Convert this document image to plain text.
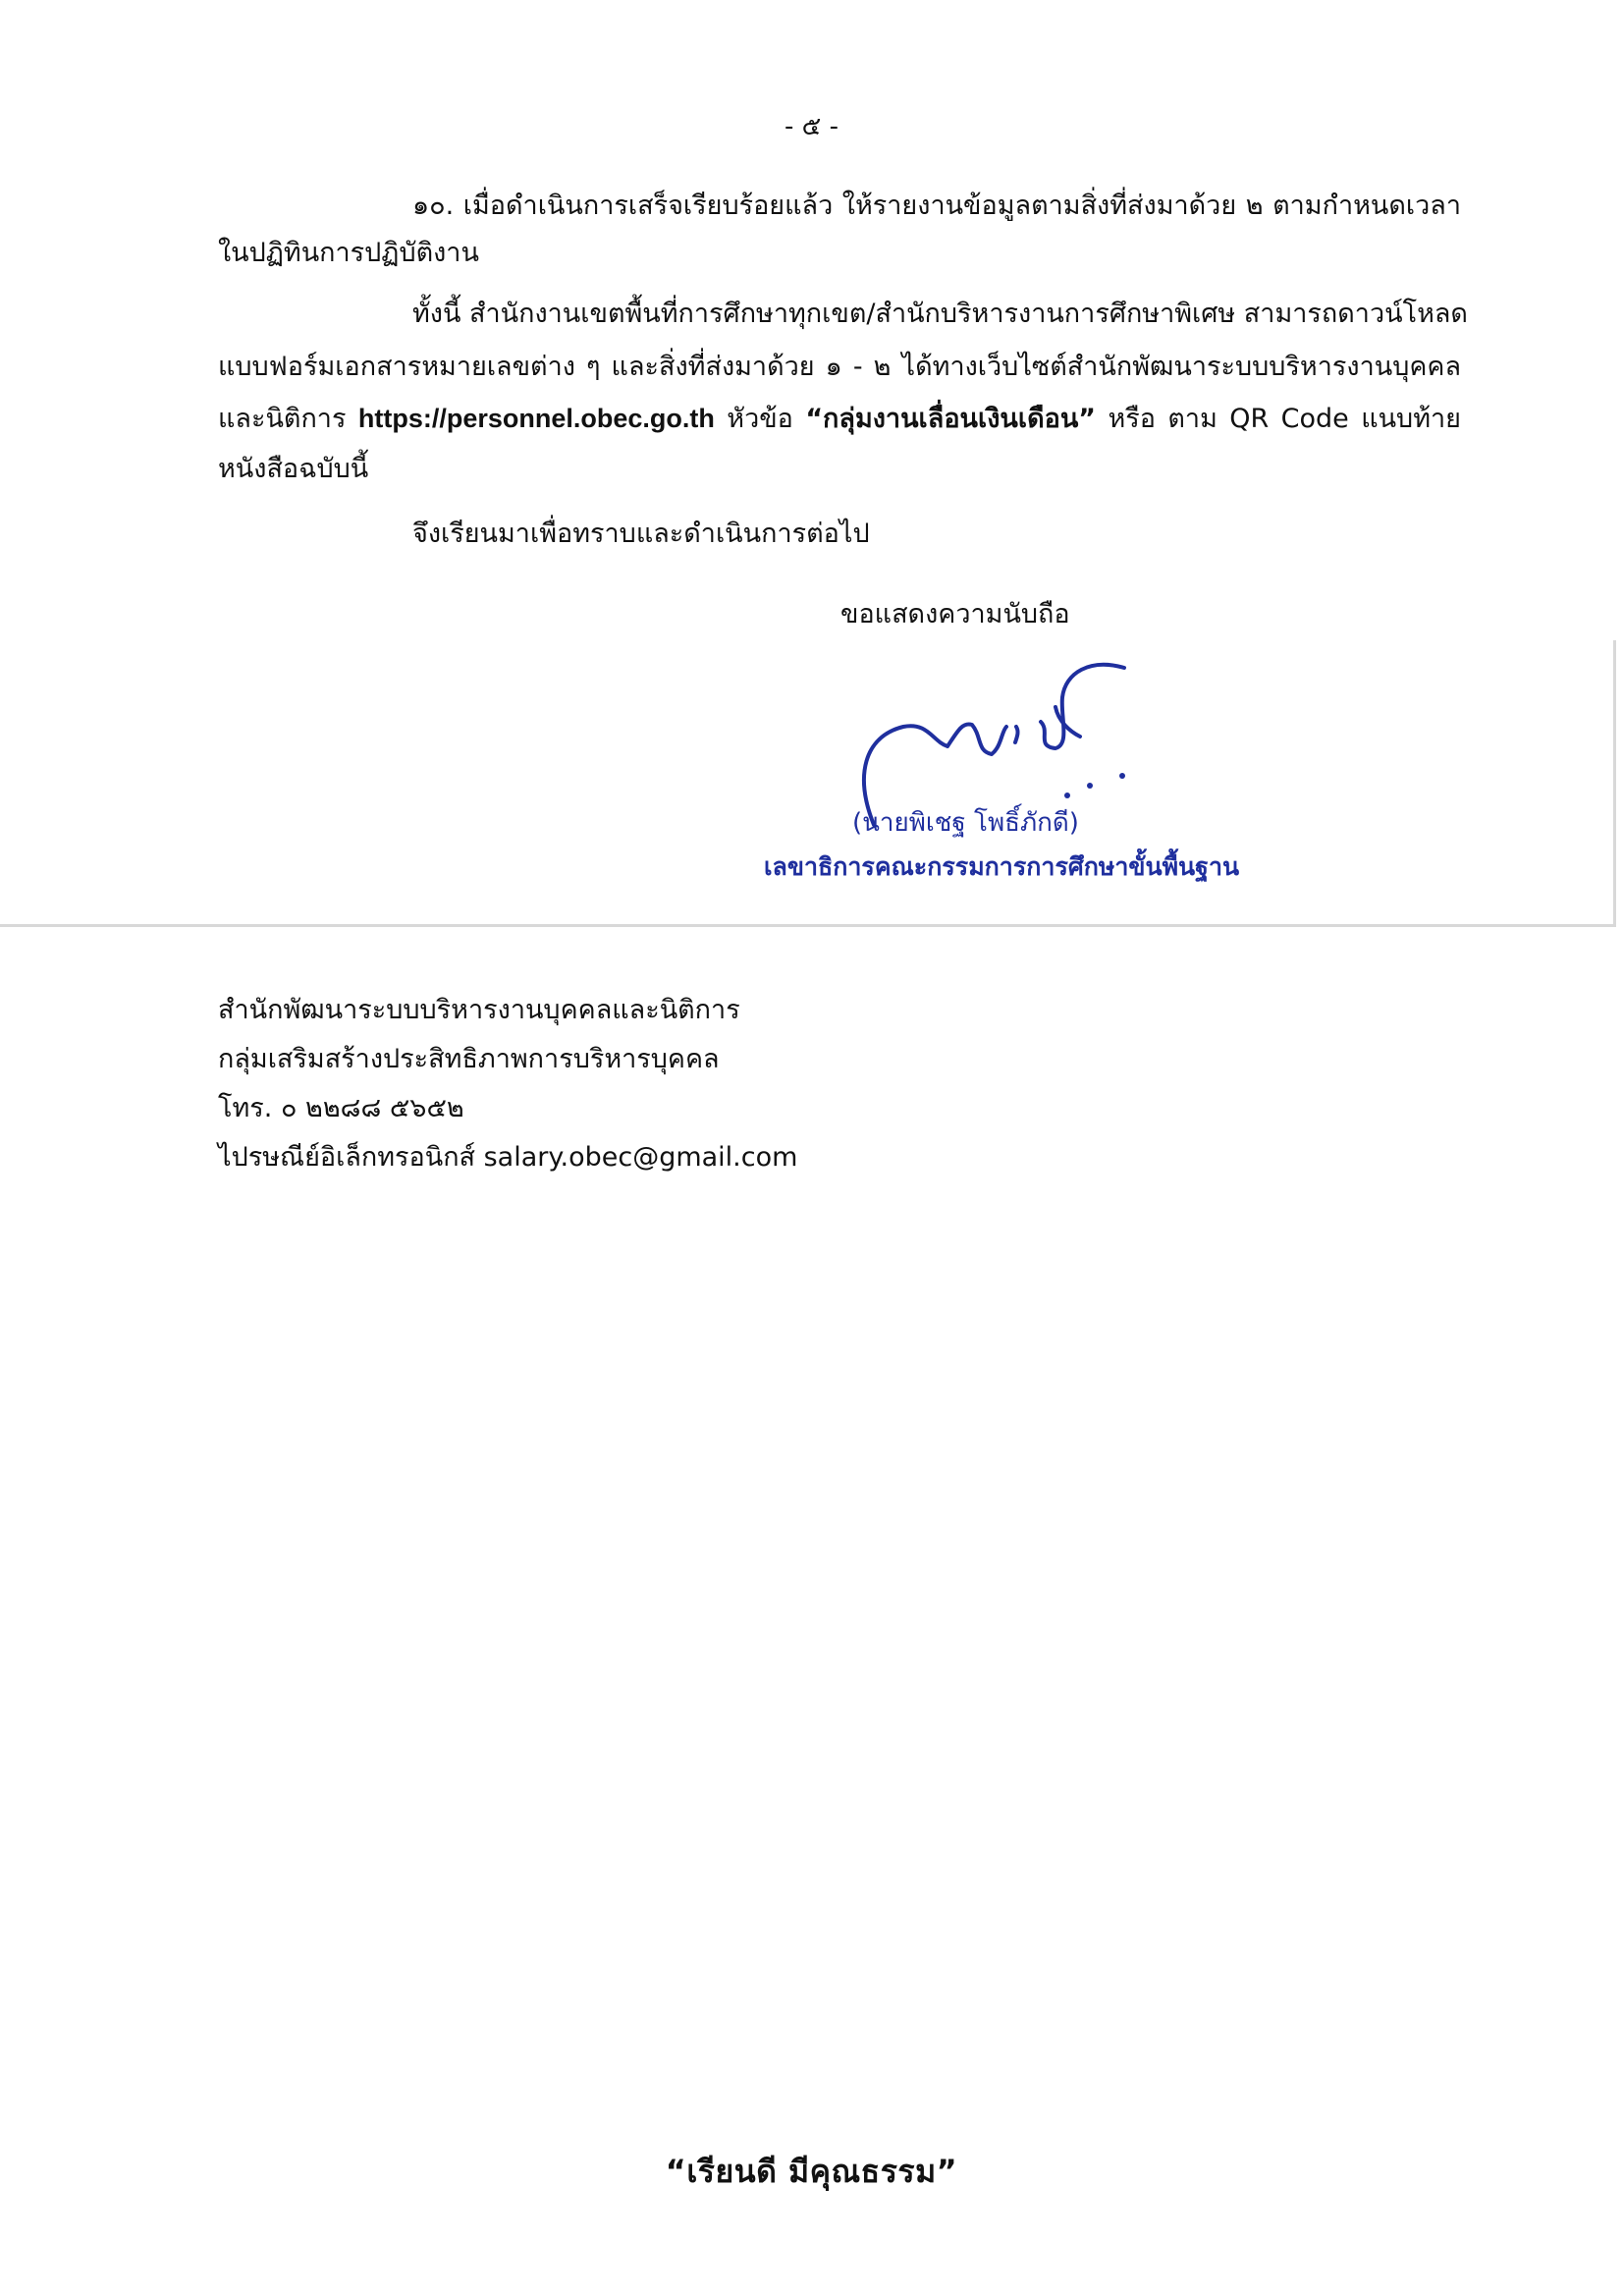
- ๕ -
๑๐. เมื่อดำเนินการเสร็จเรียบร้อยแล้ว ให้รายงานข้อมูลตามสิ่งที่ส่งมาด้วย ๒ ตามกำหนดเวลา
ในปฏิทินการปฏิบัติงาน
ทั้งนี้ สำนักงานเขตพื้นที่การศึกษาทุกเขต/สำนักบริหารงานการศึกษาพิเศษ สามารถดาวน์โหลด
แบบฟอร์มเอกสารหมายเลขต่าง ๆ และสิ่งที่ส่งมาด้วย ๑ - ๒ ได้ทางเว็บไซต์สำนักพัฒนาระบบบริหารงานบุคคล
และนิติการ https://personnel.obec.go.th หัวข้อ “กลุ่มงานเลื่อนเงินเดือน” หรือ ตาม QR Code แนบท้าย
หนังสือฉบับนี้
จึงเรียนมาเพื่อทราบและดำเนินการต่อไป
ขอแสดงความนับถือ
(นายพิเชฐ โพธิ์ภักดี)
เลขาธิการคณะกรรมการการศึกษาขั้นพื้นฐาน
สำนักพัฒนาระบบบริหารงานบุคคลและนิติการ
กลุ่มเสริมสร้างประสิทธิภาพการบริหารบุคคล
โทร. ๐ ๒๒๘๘ ๕๖๕๒
ไปรษณีย์อิเล็กทรอนิกส์ salary.obec@gmail.com
“เรียนดี มีคุณธรรม”
